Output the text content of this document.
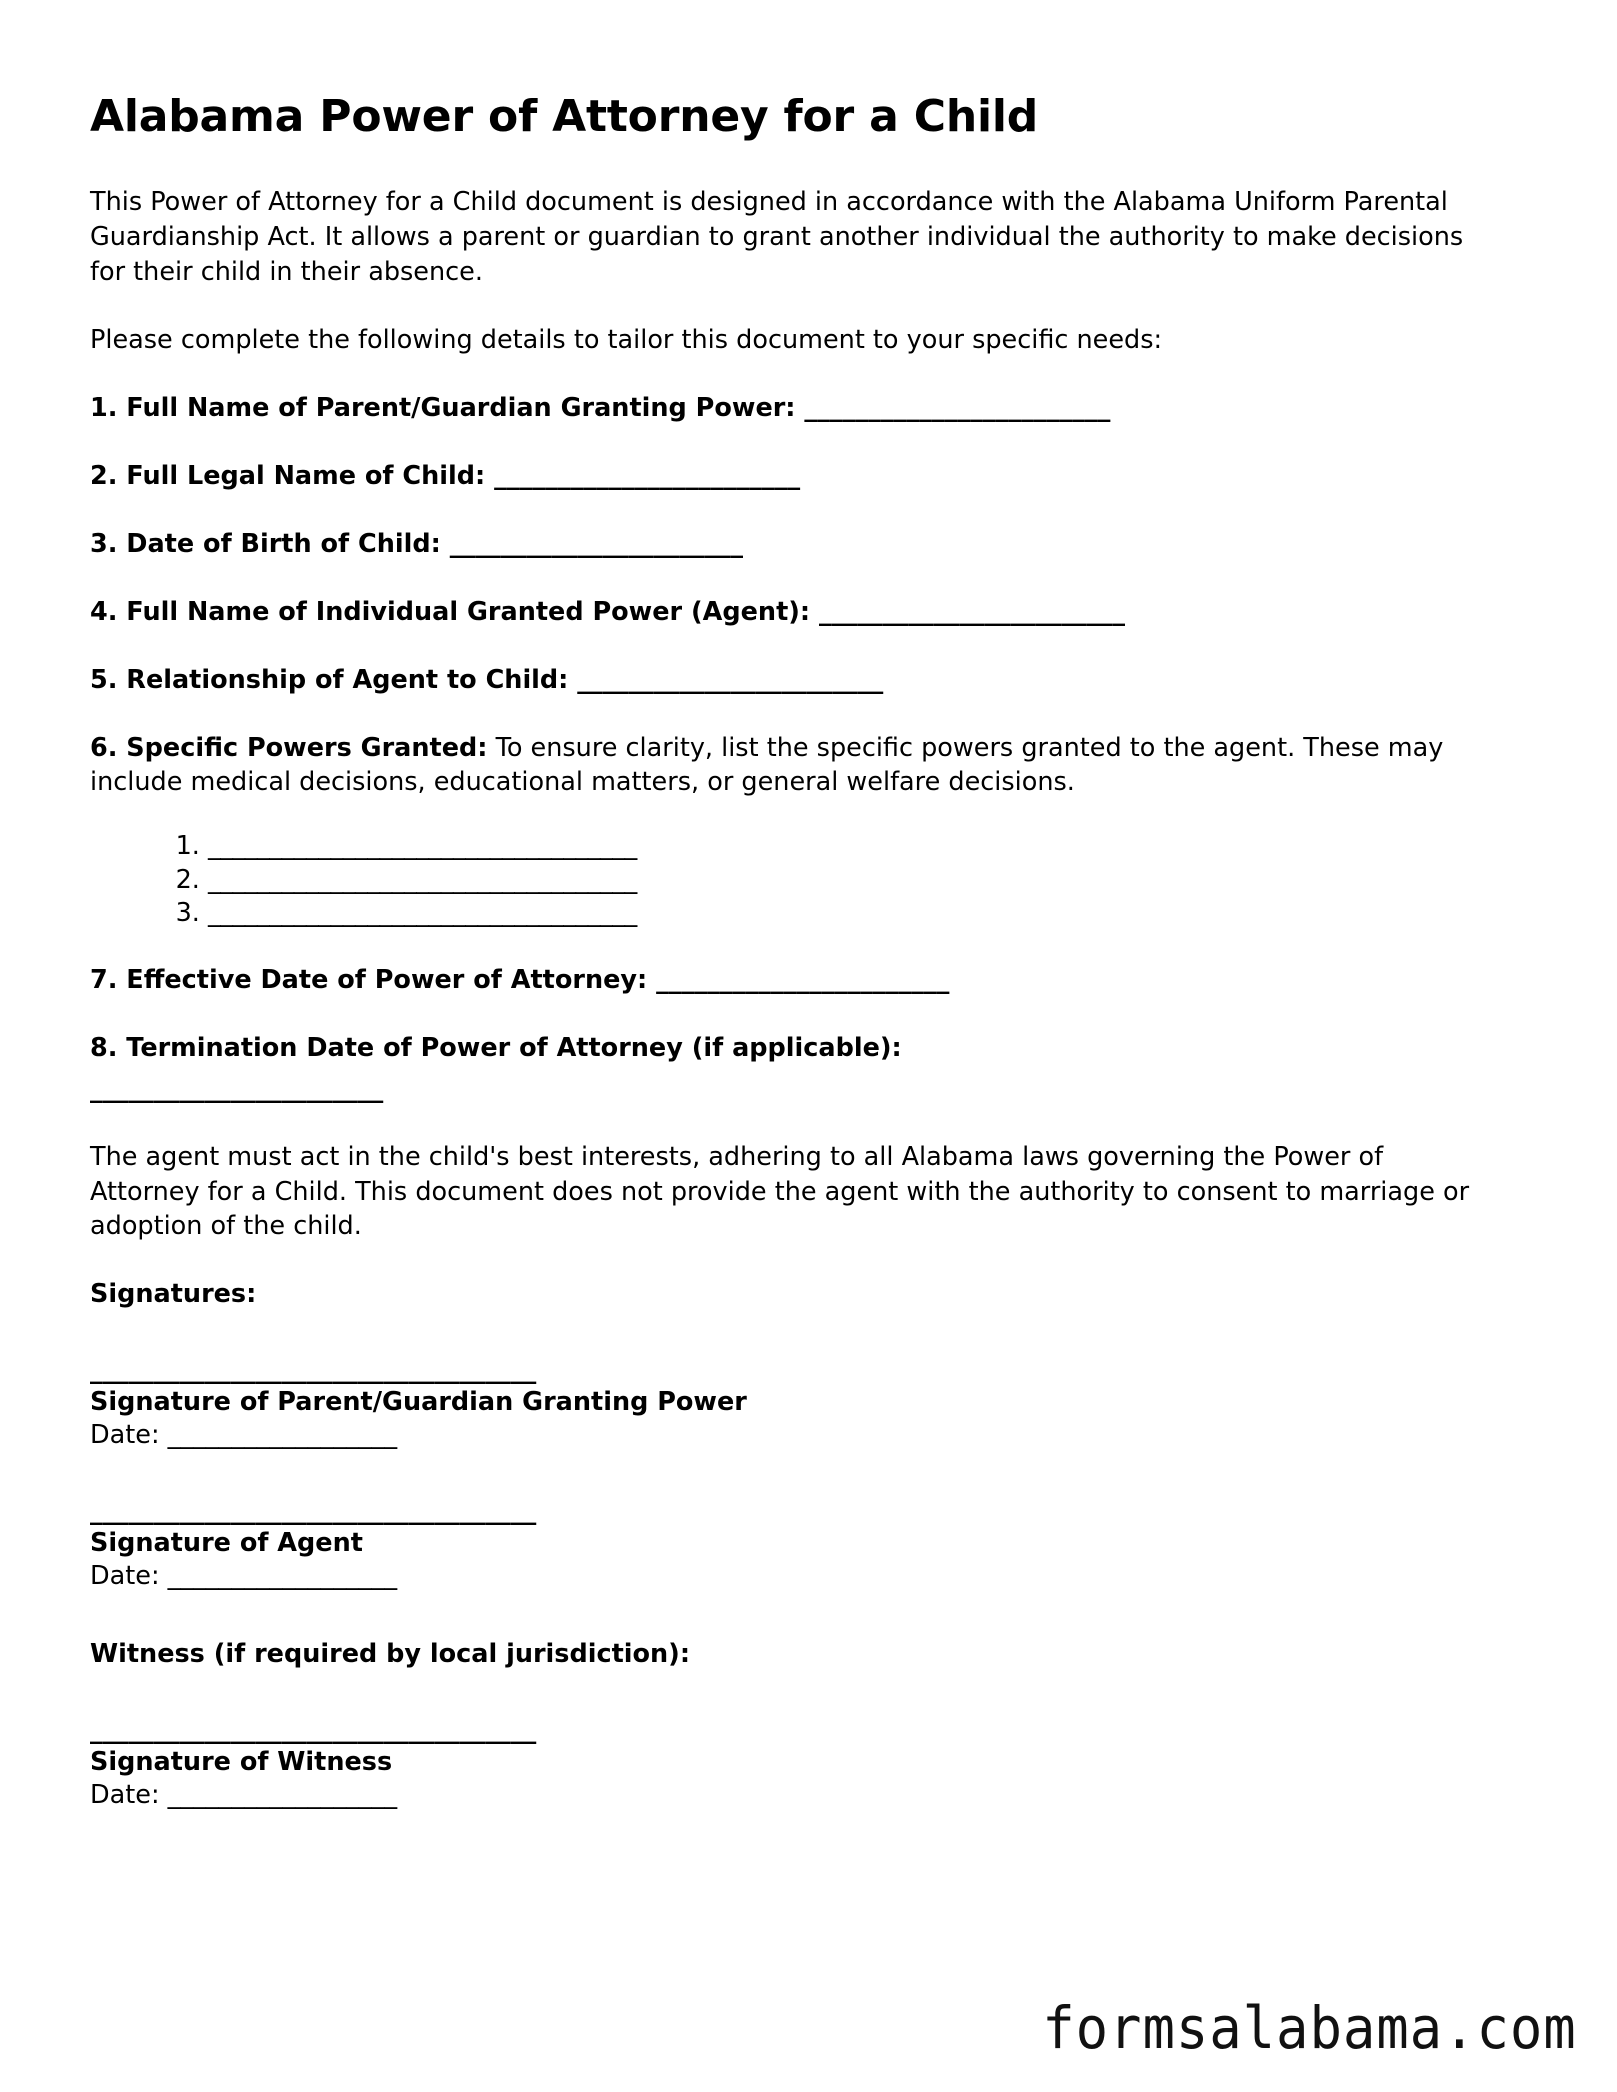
Alabama Power of Attorney for a Child

This Power of Attorney for a Child document is designed in accordance with the Alabama Uniform Parental Guardianship Act. It allows a parent or guardian to grant another individual the authority to make decisions for their child in their absence.

Please complete the following details to tailor this document to your specific needs:

1. Full Name of Parent/Guardian Granting Power: ________________________
2. Full Legal Name of Child: ________________________
3. Date of Birth of Child: _______________________
4. Full Name of Individual Granted Power (Agent): ________________________
5. Relationship of Agent to Child: ________________________

6. Specific Powers Granted: To ensure clarity, list the specific powers granted to the agent. These may include medical decisions, educational matters, or general welfare decisions.

1. ___________________________________
2. ___________________________________
3. ___________________________________
7. Effective Date of Power of Attorney: _______________________
8. Termination Date of Power of Attorney (if applicable):
_______________________

The agent must act in the child's best interests, adhering to all Alabama laws governing the Power of Attorney for a Child. This document does not provide the agent with the authority to consent to marriage or adoption of the child.

Signatures:

___________________________________
Signature of Parent/Guardian Granting Power
Date: __________________
___________________________________
Signature of Agent
Date: __________________

Witness (if required by local jurisdiction):

___________________________________
Signature of Witness
Date: __________________
formsalabama.com
